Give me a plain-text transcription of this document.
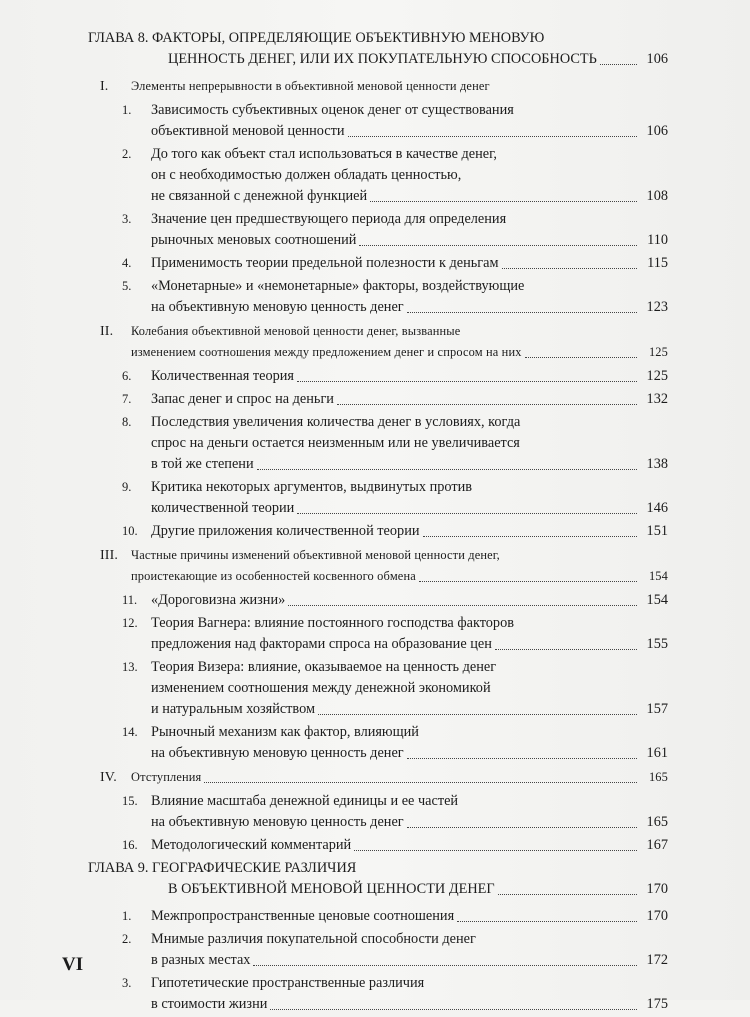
ГЛАВА 8. ФАКТОРЫ, ОПРЕДЕЛЯЮЩИЕ ОБЪЕКТИВНУЮ МЕНОВУЮ
ЦЕННОСТЬ ДЕНЕГ, ИЛИ ИХ ПОКУПАТЕЛЬНУЮ СПОСОБНОСТЬ	106
I.	Элементы непрерывности в объективной меновой ценности денег
1.	Зависимость субъективных оценок денег от существования
объективной меновой ценности	106
2.	До того как объект стал использоваться в качестве денег,
он с необходимостью должен обладать ценностью,
не связанной с денежной функцией	108
3.	Значение цен предшествующего периода для определения
рыночных меновых соотношений	110
4.	Применимость теории предельной полезности к деньгам	115
5.	«Монетарные» и «немонетарные» факторы, воздействующие
на объективную меновую ценность денег	123
II.	Колебания объективной меновой ценности денег, вызванные
изменением соотношения между предложением денег и спросом на них	125
6.	Количественная теория	125
7.	Запас денег и спрос на деньги	132
8.	Последствия увеличения количества денег в условиях, когда
спрос на деньги остается неизменным или не увеличивается
в той же степени	138
9.	Критика некоторых аргументов, выдвинутых против
количественной теории	146
10. Другие приложения количественной теории	151
III.	Частные причины изменений объективной меновой ценности денег,
проистекающие из особенностей косвенного обмена	154
11. «Дороговизна жизни»	154
12. Теория Вагнера: влияние постоянного господства факторов
предложения над факторами спроса на образование цен	155
13. Теория Визера: влияние, оказываемое на ценность денег
изменением соотношения между денежной экономикой
и натуральным хозяйством	157
14. Рыночный механизм как фактор, влияющий
на объективную меновую ценность денег	161
IV.	Отступления	165
15. Влияние масштаба денежной единицы и ее частей
на объективную меновую ценность денег	165
16. Методологический комментарий	167
ГЛАВА 9. ГЕОГРАФИЧЕСКИЕ РАЗЛИЧИЯ
В ОБЪЕКТИВНОЙ МЕНОВОЙ ЦЕННОСТИ ДЕНЕГ	170
1.	Межпропространственные ценовые соотношения	170
2.	Мнимые различия покупательной способности денег
в разных местах	172
3.	Гипотетические пространственные различия
в стоимости жизни	175
VI
